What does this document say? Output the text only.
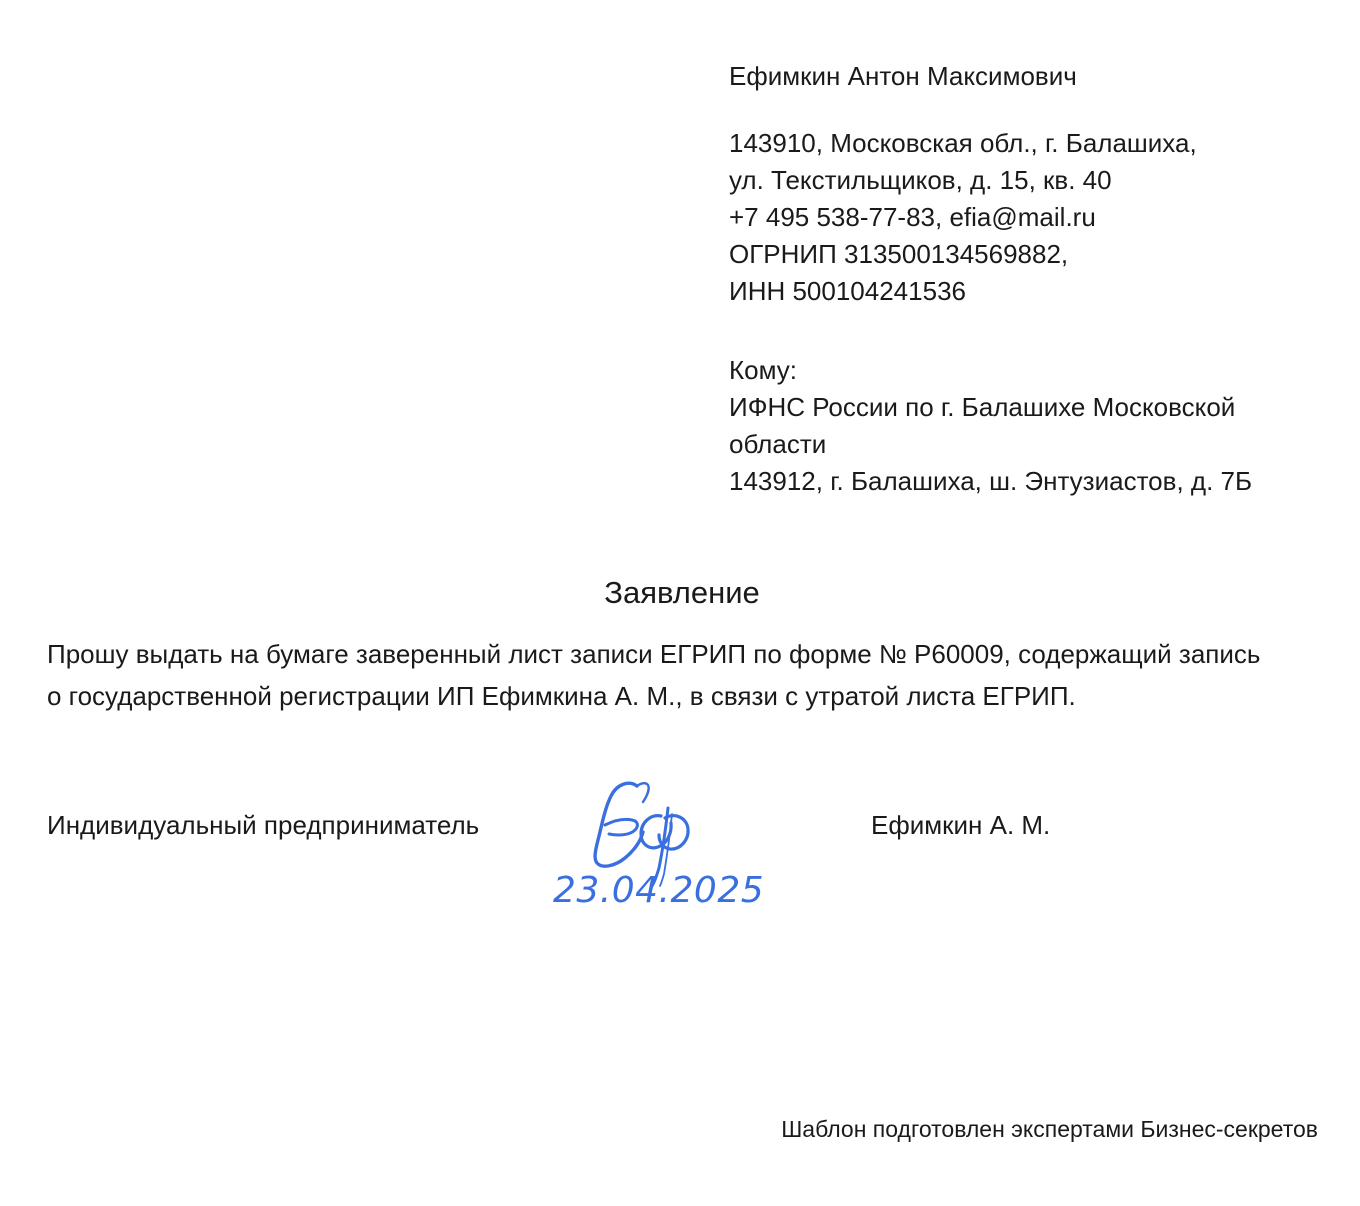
Ефимкин Антон Максимович
143910, Московская обл., г. Балашиха,
ул. Текстильщиков, д. 15, кв. 40
+7 495 538-77-83, efia@mail.ru
ОГРНИП 313500134569882,
ИНН 500104241536
Кому:
ИФНС России по г. Балашихе Московской области
143912, г. Балашиха, ш. Энтузиастов, д. 7Б
Заявление
Прошу выдать на бумаге заверенный лист записи ЕГРИП по форме № Р60009, содержащий запись о государственной регистрации ИП Ефимкина А. М., в связи с утратой листа ЕГРИП.
Индивидуальный предприниматель	Ефимкин А. М.
23.04.2025
Шаблон подготовлен экспертами Бизнес-секретов
